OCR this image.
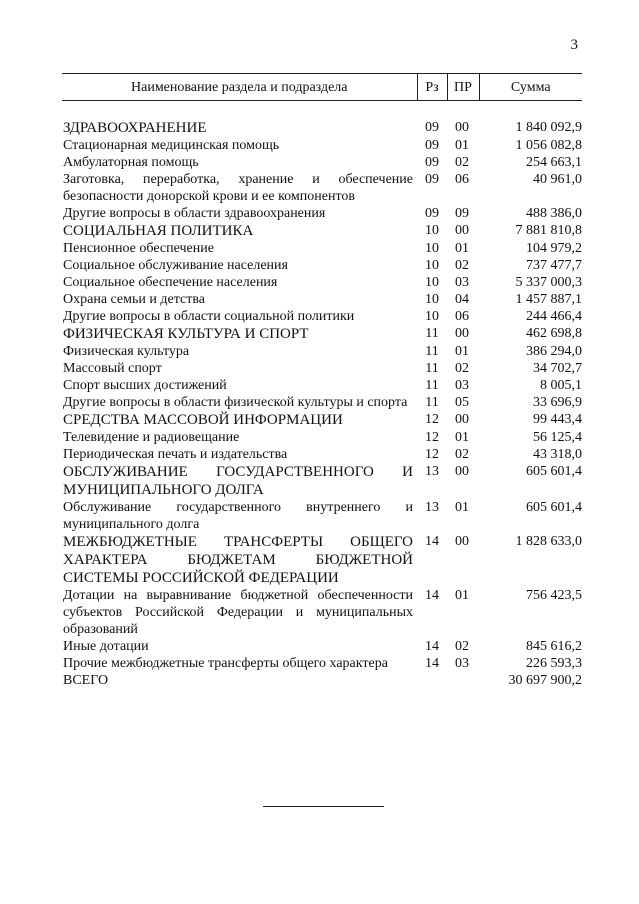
3
Наименование раздела и подраздела	Рз	ПР	Сумма

ЗДРАВООХРАНЕНИЕ	09	00	1 840 092,9
Стационарная медицинская помощь	09	01	1 056 082,8
Амбулаторная помощь	09	02	254 663,1
Заготовка, переработка, хранение и обеспечение безопасности донорской крови и ее компонентов	09	06	40 961,0
Другие вопросы в области здравоохранения	09	09	488 386,0
СОЦИАЛЬНАЯ ПОЛИТИКА	10	00	7 881 810,8
Пенсионное обеспечение	10	01	104 979,2
Социальное обслуживание населения	10	02	737 477,7
Социальное обеспечение населения	10	03	5 337 000,3
Охрана семьи и детства	10	04	1 457 887,1
Другие вопросы в области социальной политики	10	06	244 466,4
ФИЗИЧЕСКАЯ КУЛЬТУРА И СПОРТ	11	00	462 698,8
Физическая культура	11	01	386 294,0
Массовый спорт	11	02	34 702,7
Спорт высших достижений	11	03	8 005,1
Другие вопросы в области физической культуры и спорта	11	05	33 696,9
СРЕДСТВА МАССОВОЙ ИНФОРМАЦИИ	12	00	99 443,4
Телевидение и радиовещание	12	01	56 125,4
Периодическая печать и издательства	12	02	43 318,0
ОБСЛУЖИВАНИЕ ГОСУДАРСТВЕННОГО И МУНИЦИПАЛЬНОГО ДОЛГА	13	00	605 601,4
Обслуживание государственного внутреннего и муниципального долга	13	01	605 601,4
МЕЖБЮДЖЕТНЫЕ ТРАНСФЕРТЫ ОБЩЕГО ХАРАКТЕРА БЮДЖЕТАМ БЮДЖЕТНОЙ СИСТЕМЫ РОССИЙСКОЙ ФЕДЕРАЦИИ	14	00	1 828 633,0
Дотации на выравнивание бюджетной обеспеченности субъектов Российской Федерации и муниципальных образований	14	01	756 423,5
Иные дотации	14	02	845 616,2
Прочие межбюджетные трансферты общего характера	14	03	226 593,3
ВСЕГО			30 697 900,2
